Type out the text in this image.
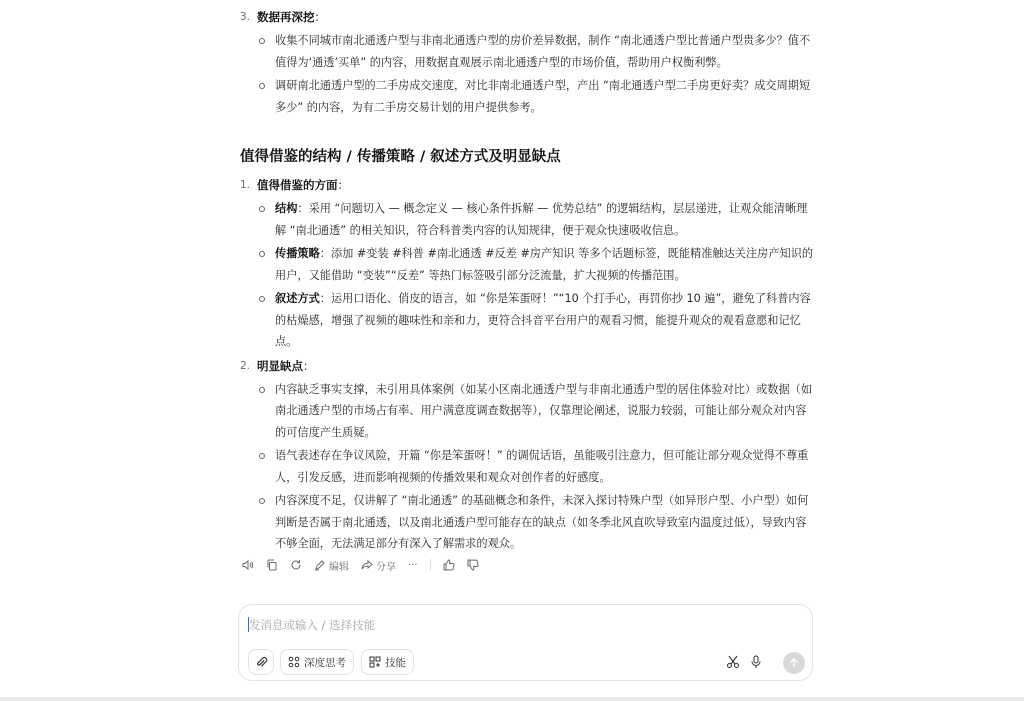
3. 数据再深挖：
收集不同城市南北通透户型与非南北通透户型的房价差异数据，制作 “南北通透户型比普通户型贵多少？值不值得为‘通透’买单” 的内容，用数据直观展示南北通透户型的市场价值，帮助用户权衡利弊。
调研南北通透户型的二手房成交速度，对比非南北通透户型，产出 “南北通透户型二手房更好卖？成交周期短多少” 的内容，为有二手房交易计划的用户提供参考。
值得借鉴的结构 / 传播策略 / 叙述方式及明显缺点
1. 值得借鉴的方面：
结构：采用 “问题切入 — 概念定义 — 核心条件拆解 — 优势总结” 的逻辑结构，层层递进，让观众能清晰理解 “南北通透” 的相关知识，符合科普类内容的认知规律，便于观众快速吸收信息。
传播策略：添加 #变装 #科普 #南北通透 #反差 #房产知识 等多个话题标签，既能精准触达关注房产知识的用户，又能借助 “变装”“反差” 等热门标签吸引部分泛流量，扩大视频的传播范围。
叙述方式：运用口语化、俏皮的语言，如 “你是笨蛋呀！”“10 个打手心，再罚你抄 10 遍”，避免了科普内容的枯燥感，增强了视频的趣味性和亲和力，更符合抖音平台用户的观看习惯，能提升观众的观看意愿和记忆点。
2. 明显缺点：
内容缺乏事实支撑，未引用具体案例（如某小区南北通透户型与非南北通透户型的居住体验对比）或数据（如南北通透户型的市场占有率、用户满意度调查数据等），仅靠理论阐述，说服力较弱，可能让部分观众对内容的可信度产生质疑。
语气表述存在争议风险，开篇 “你是笨蛋呀！” 的调侃话语，虽能吸引注意力，但可能让部分观众觉得不尊重人，引发反感，进而影响视频的传播效果和观众对创作者的好感度。
内容深度不足，仅讲解了 “南北通透” 的基础概念和条件，未深入探讨特殊户型（如异形户型、小户型）如何判断是否属于南北通透，以及南北通透户型可能存在的缺点（如冬季北风直吹导致室内温度过低），导致内容不够全面，无法满足部分有深入了解需求的观众。
编辑	分享 ···
发消息或输入 / 选择技能
深度思考	技能
